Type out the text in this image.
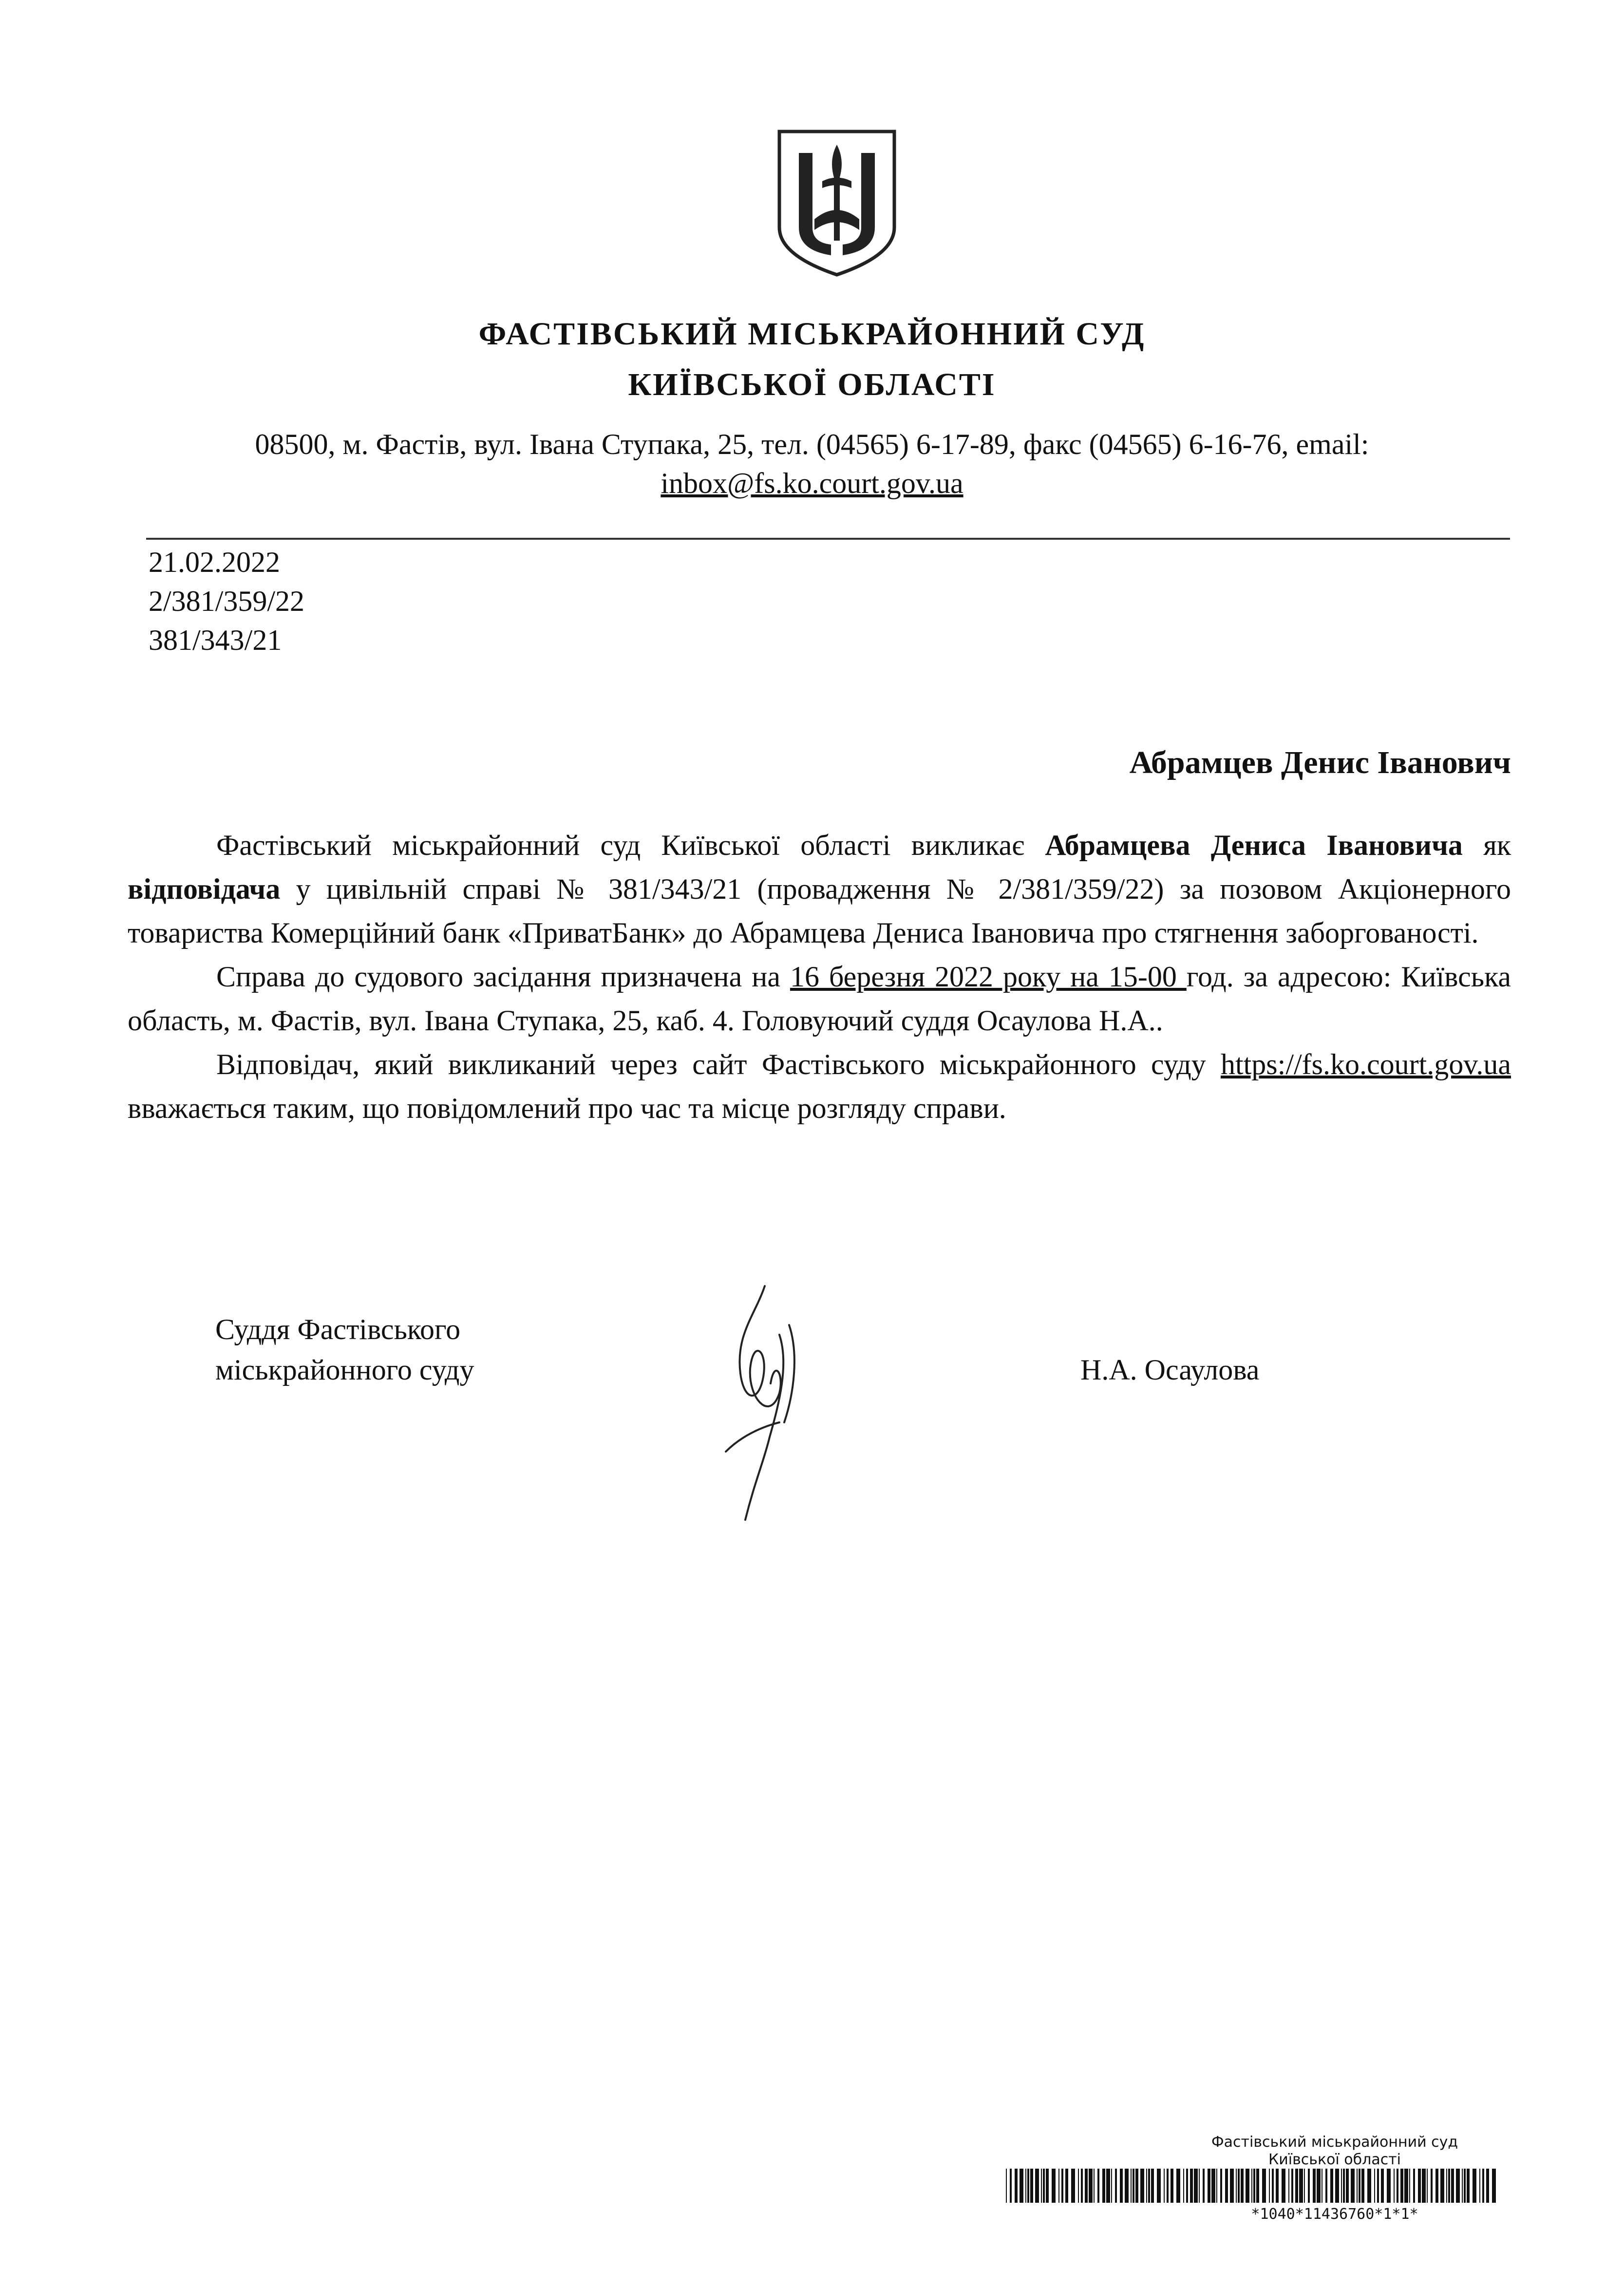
ФАСТІВСЬКИЙ МІСЬКРАЙОННИЙ СУД
КИЇВСЬКОЇ ОБЛАСТІ
08500, м. Фастів, вул. Івана Ступака, 25, тел. (04565) 6-17-89, факс (04565) 6-16-76, email:
inbox@fs.ko.court.gov.ua
21.02.2022
2/381/359/22
381/343/21
Абрамцев Денис Іванович

Фастівський міськрайонний суд Київської області викликає Абрамцева Дениса Івановича як відповідача у цивільній справі № 381/343/21 (провадження № 2/381/359/22) за позовом Акціонерного товариства Комерційний банк «ПриватБанк» до Абрамцева Дениса Івановича про стягнення заборгованості.

Справа до судового засідання призначена на 16 березня 2022 року на 15-00 год. за адресою: Київська область, м. Фастів, вул. Івана Ступака, 25, каб. 4. Головуючий суддя Осаулова Н.А..

Відповідач, який викликаний через сайт Фастівського міськрайонного суду https://fs.ko.court.gov.ua вважається таким, що повідомлений про час та місце розгляду справи.

Суддя Фастівського
міськрайонного суду	Н.А. Осаулова
Фастівський міськрайонний суд
Київської області
*1040*11436760*1*1*
